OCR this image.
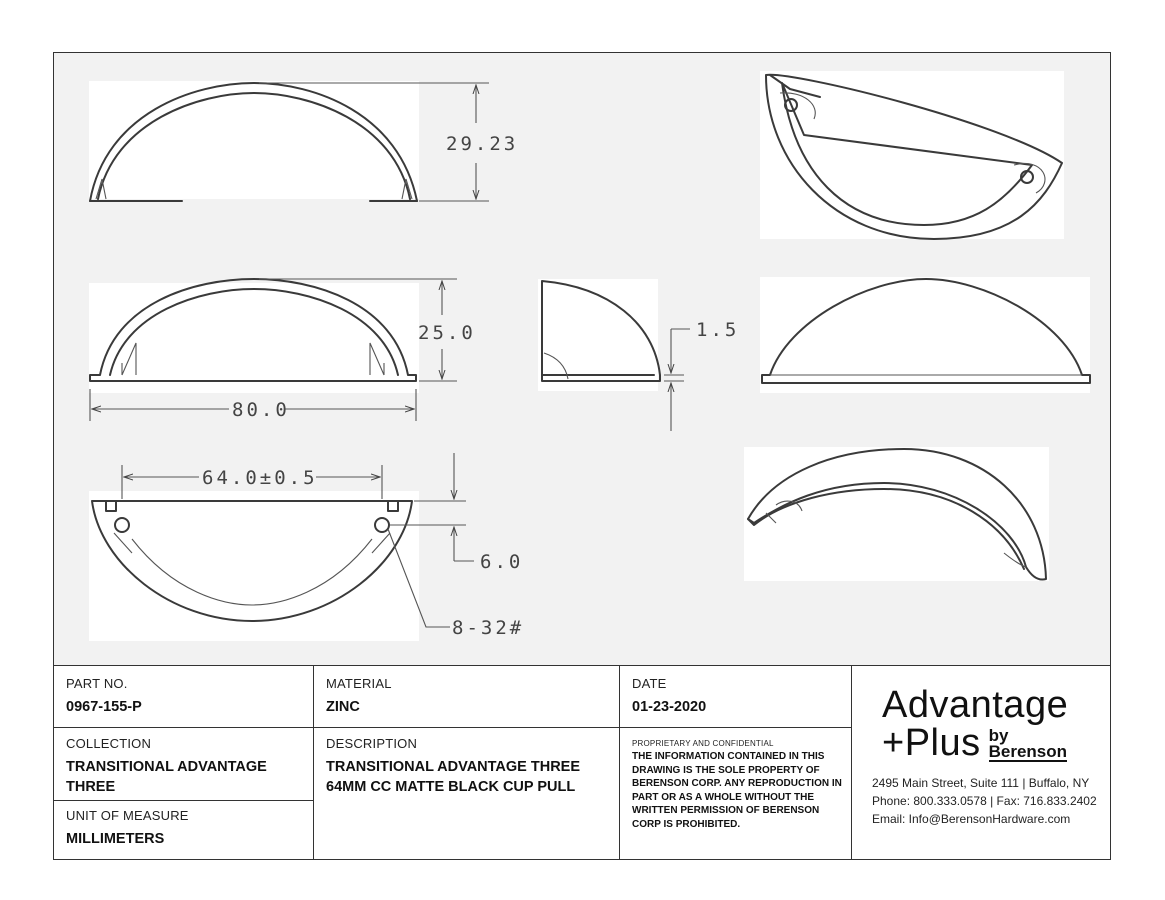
29.23
25.0
80.0
64.0±0.5
6.0
8-32#
1.5
PART NO.
0967-155-P
MATERIAL
ZINC
DATE
01-23-2020
COLLECTION
TRANSITIONAL ADVANTAGE THREE
DESCRIPTION
TRANSITIONAL ADVANTAGE THREE 64MM CC MATTE BLACK CUP PULL
PROPRIETARY AND CONFIDENTIAL
THE INFORMATION CONTAINED IN THIS DRAWING IS THE SOLE PROPERTY OF BERENSON CORP. ANY REPRODUCTION IN PART OR AS A WHOLE WITHOUT THE WRITTEN PERMISSION OF BERENSON CORP IS PROHIBITED.
UNIT OF MEASURE
MILLIMETERS
Advantage
+Plus by
Berenson
2495 Main Street, Suite 111 | Buffalo, NY
Phone: 800.333.0578 | Fax: 716.833.2402
Email: Info@BerensonHardware.com
